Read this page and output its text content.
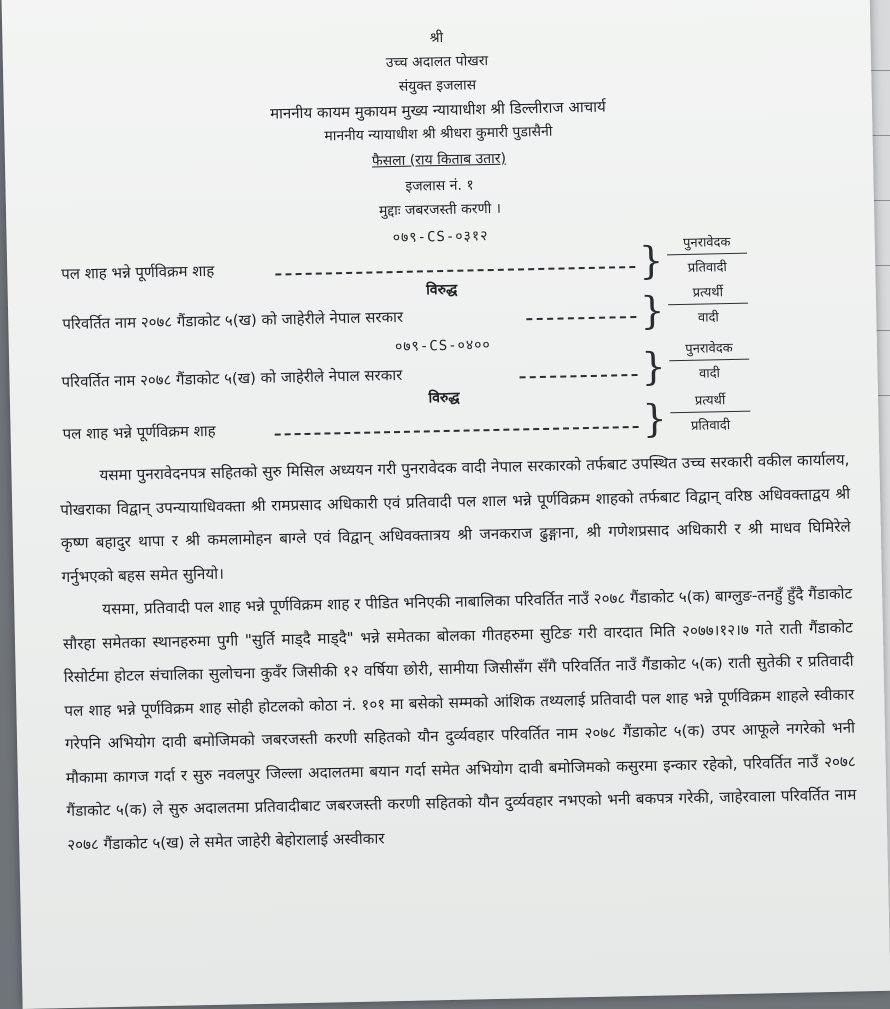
श्री
उच्च अदालत पोखरा
संयुक्त इजलास
माननीय कायम मुकायम मुख्य न्यायाधीश श्री डिल्लीराज आचार्य
माननीय न्यायाधीश श्री श्रीधरा कुमारी पुडासैनी
फैसला (राय किताब उतार)
इजलास नं. १
मुद्दाः जबरजस्ती करणी ।
०७९-CS-०३१२
पल शाह भन्ने पूर्णविक्रम शाह	}	पुनरावेदक
प्रतिवादी
विरुद्ध
परिवर्तित नाम २०७८ गैंडाकोट ५(ख) को जाहेरीले नेपाल सरकार	}	प्रत्यर्थी
वादी
०७९-CS-०४००
परिवर्तित नाम २०७८ गैंडाकोट ५(ख) को जाहेरीले नेपाल सरकार	}	पुनरावेदक
वादी
विरुद्ध
पल शाह भन्ने पूर्णविक्रम शाह	}	प्रत्यर्थी
प्रतिवादी

यसमा पुनरावेदनपत्र सहितको सुरु मिसिल अध्ययन गरी पुनरावेदक वादी नेपाल सरकारको तर्फबाट उपस्थित उच्च सरकारी वकील कार्यालय, पोखराका विद्वान् उपन्यायाधिवक्ता श्री रामप्रसाद अधिकारी एवं प्रतिवादी पल शाल भन्ने पूर्णविक्रम शाहको तर्फबाट विद्वान् वरिष्ठ अधिवक्ताद्वय श्री कृष्ण बहादुर थापा र श्री कमलामोहन बाग्ले एवं विद्वान् अधिवक्तात्रय श्री जनकराज ढुङ्गाना, श्री गणेशप्रसाद अधिकारी र श्री माधव घिमिरेले गर्नुभएको बहस समेत सुनियो।

यसमा, प्रतिवादी पल शाह भन्ने पूर्णविक्रम शाह र पीडित भनिएकी नाबालिका परिवर्तित नाउँ २०७८ गैंडाकोट ५(क) बाग्लुङ-तनहुँ हुँदै गैंडाकोट सौरहा समेतका स्थानहरुमा पुगी "सुर्ति माड्दै माड्दै" भन्ने समेतका बोलका गीतहरुमा सुटिङ गरी वारदात मिति २०७७।१२।७ गते राती गैंडाकोट रिसोर्टमा होटल संचालिका सुलोचना कुवँर जिसीकी १२ वर्षिया छोरी, सामीया जिसीसँग सँगै परिवर्तित नाउँ गैंडाकोट ५(क) राती सुतेकी र प्रतिवादी पल शाह भन्ने पूर्णविक्रम शाह सोही होटलको कोठा नं. १०१ मा बसेको सम्मको आंशिक तथ्यलाई प्रतिवादी पल शाह भन्ने पूर्णविक्रम शाहले स्वीकार गरेपनि अभियोग दावी बमोजिमको जबरजस्ती करणी सहितको यौन दुर्व्यवहार परिवर्तित नाम २०७८ गैंडाकोट ५(क) उपर आफूले नगरेको भनी मौकामा कागज गर्दा र सुरु नवलपुर जिल्ला अदालतमा बयान गर्दा समेत अभियोग दावी बमोजिमको कसुरमा इन्कार रहेको, परिवर्तित नाउँ २०७८ गैंडाकोट ५(क) ले सुरु अदालतमा प्रतिवादीबाट जबरजस्ती करणी सहितको यौन दुर्व्यवहार नभएको भनी बकपत्र गरेकी, जाहेरवाला परिवर्तित नाम २०७८ गैंडाकोट ५(ख) ले समेत जाहेरी बेहोरालाई अस्वीकार
